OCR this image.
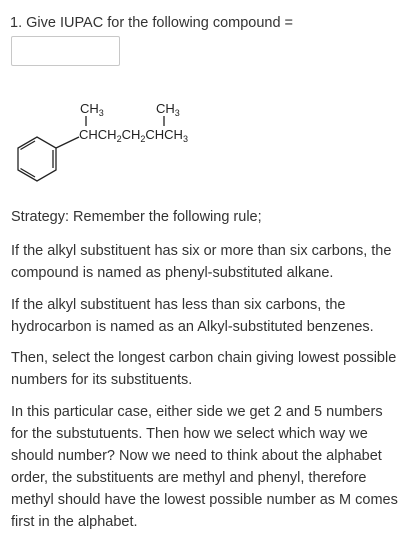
1. Give IUPAC for the following compound =
$CH_3$	$CH_3$
$CHCH_2CH_2CHCH_3$

Strategy: Remember the following rule;

If the alkyl substituent has six or more than six carbons, the compound is named as phenyl-substituted alkane.

If the alkyl substituent has less than six carbons, the hydrocarbon is named as an Alkyl-substituted benzenes.

Then, select the longest carbon chain giving lowest possible numbers for its substituents.

In this particular case, either side we get 2 and 5 numbers for the substutuents. Then how we select which way we should number? Now we need to think about the alphabet order, the substituents are methyl and phenyl, therefore methyl should have the lowest possible number as M comes first in the alphabet.
